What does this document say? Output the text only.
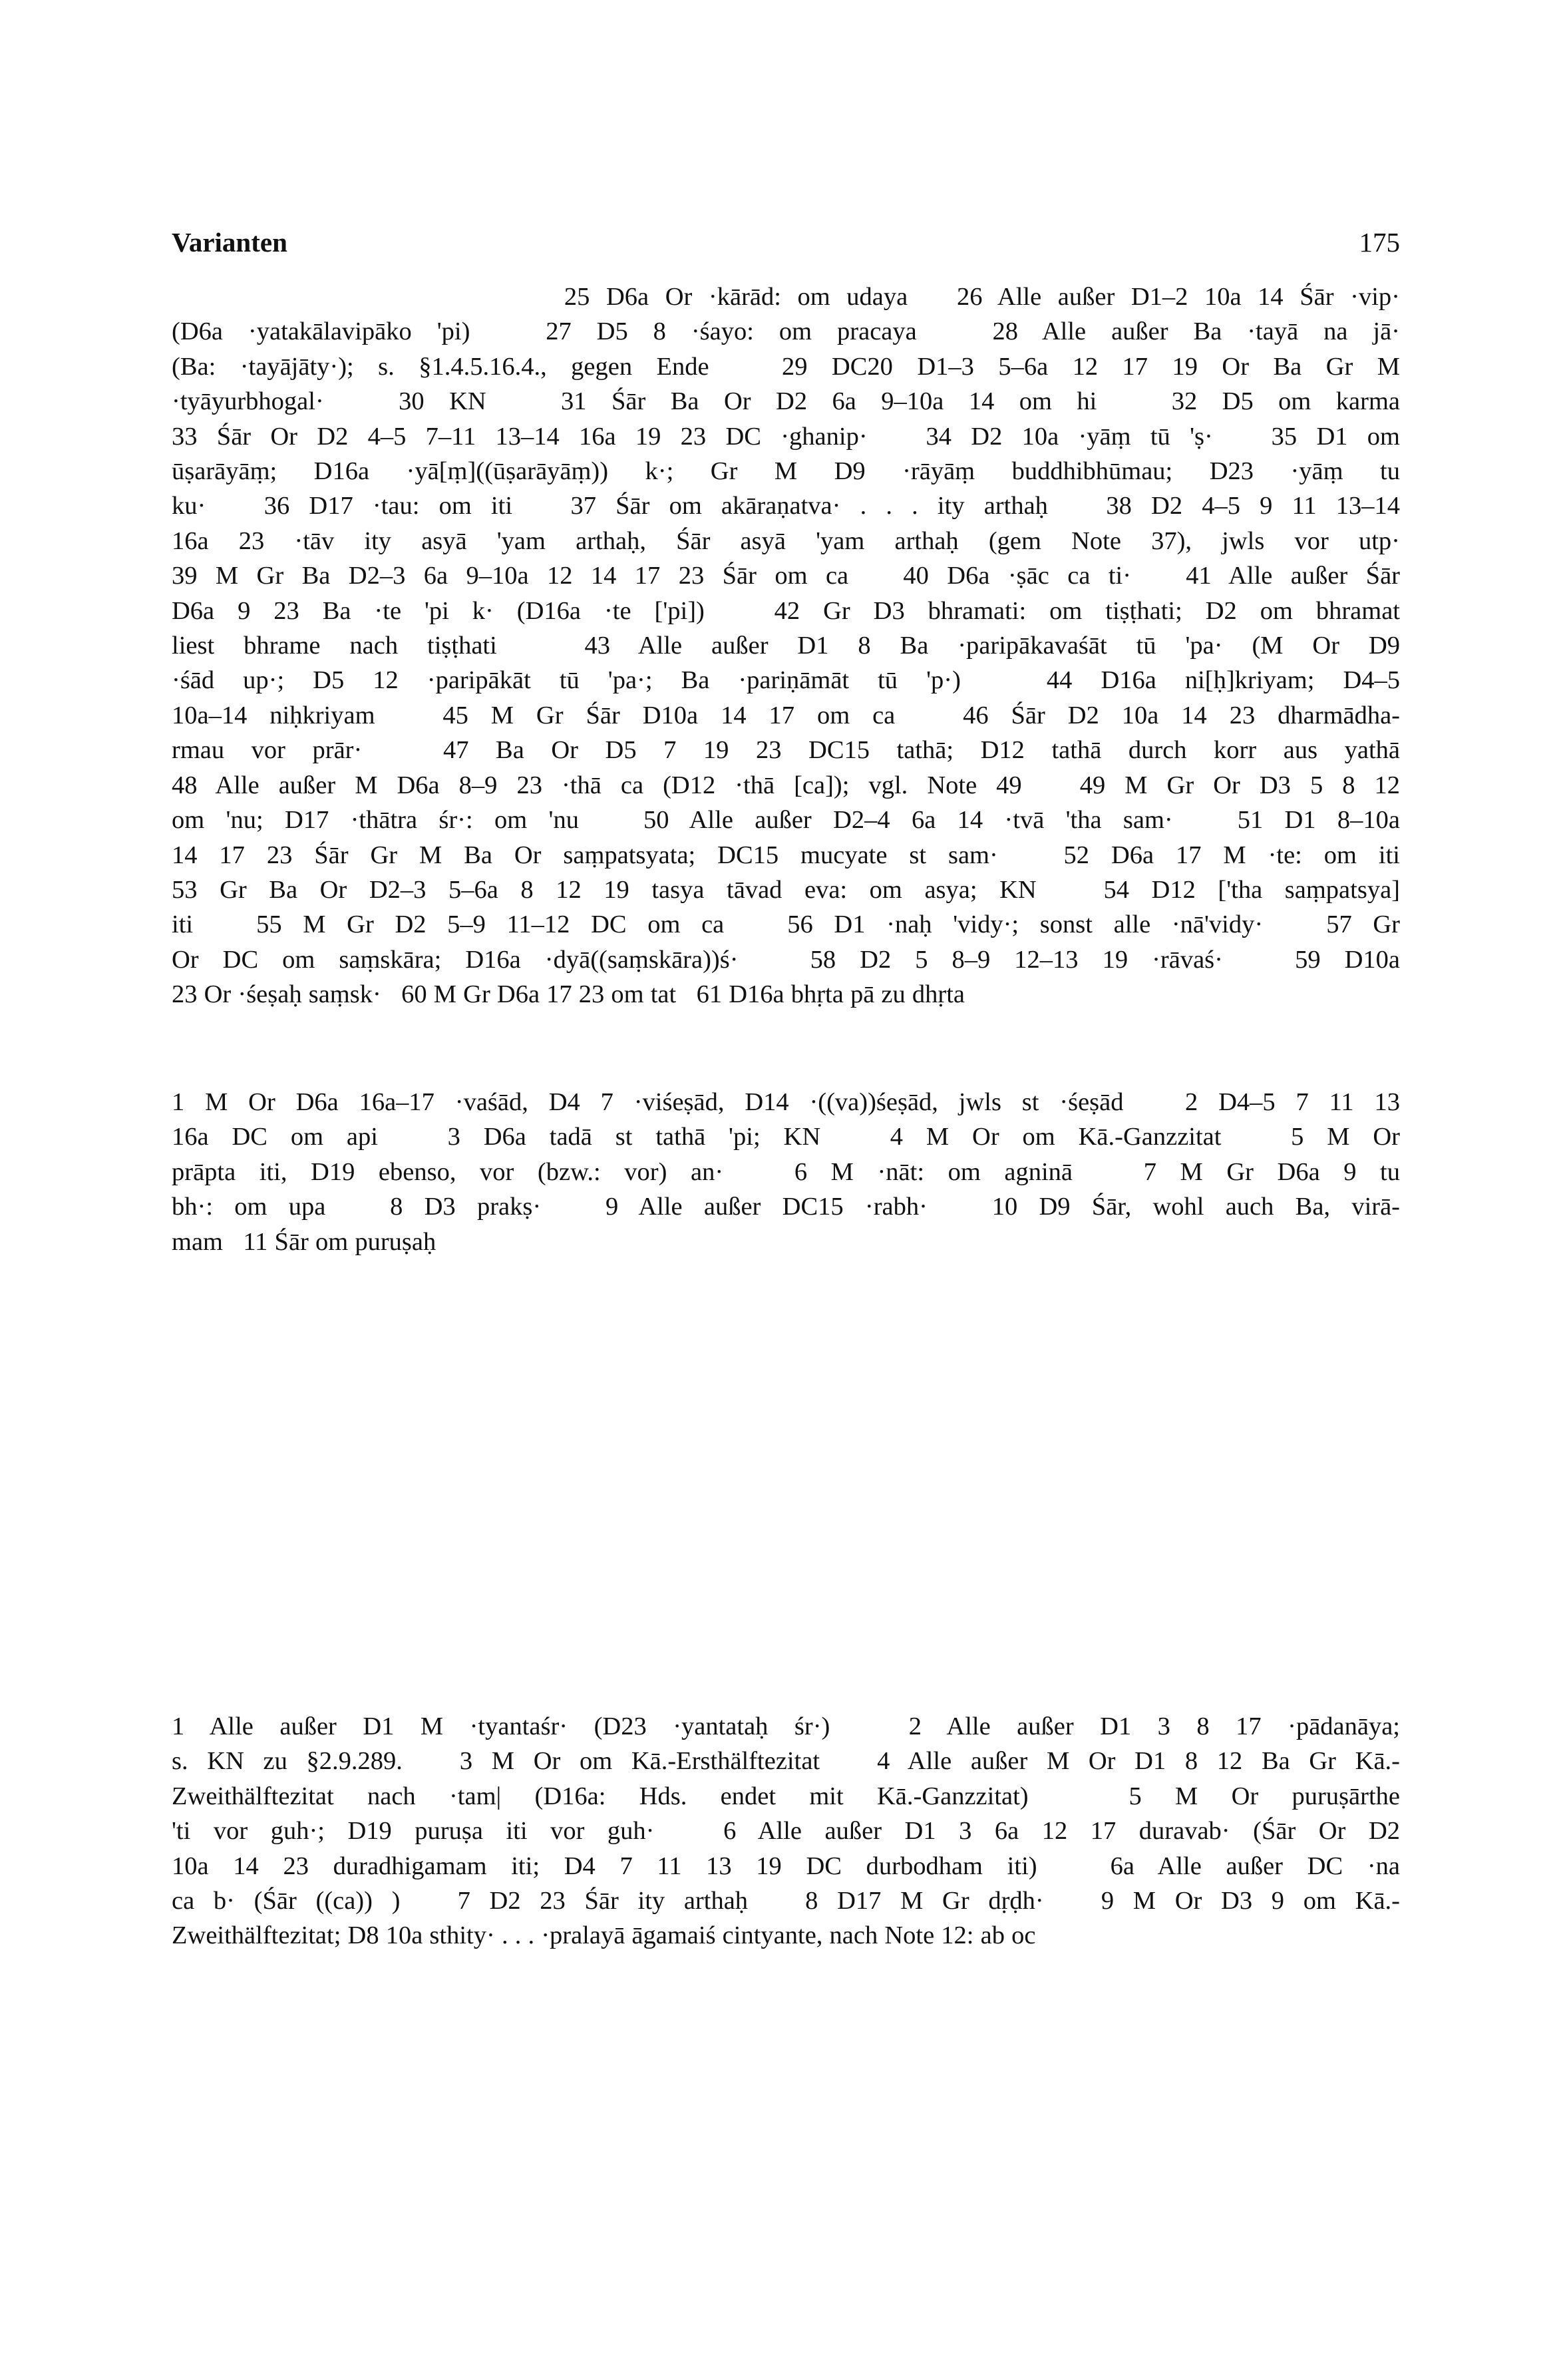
Varianten	175
25 D6a Or ·kārād: om udaya   26 Alle außer D1–2 10a 14 Śār ·vip·
(D6a ·yatakālavipāko 'pi)   27 D5 8 ·śayo: om pracaya   28 Alle außer Ba ·tayā na jā·
(Ba: ·tayājāty·); s. §1.4.5.16.4., gegen Ende   29 DC20 D1–3 5–6a 12 17 19 Or Ba Gr M
·tyāyurbhogal·   30 KN   31 Śār Ba Or D2 6a 9–10a 14 om hi   32 D5 om karma
33 Śār Or D2 4–5 7–11 13–14 16a 19 23 DC ·ghanip·   34 D2 10a ·yāṃ tū 'ṣ·   35 D1 om
ūṣarāyāṃ; D16a ·yā[ṃ]((ūṣarāyāṃ)) k·; Gr M D9 ·rāyāṃ buddhibhūmau; D23 ·yāṃ tu
ku·   36 D17 ·tau: om iti   37 Śār om akāraṇatva· . . . ity arthaḥ   38 D2 4–5 9 11 13–14
16a 23 ·tāv ity asyā 'yam arthaḥ, Śār asyā 'yam arthaḥ (gem Note 37), jwls vor utp·
39 M Gr Ba D2–3 6a 9–10a 12 14 17 23 Śār om ca   40 D6a ·ṣāc ca ti·   41 Alle außer Śār
D6a 9 23 Ba ·te 'pi k· (D16a ·te ['pi])   42 Gr D3 bhramati: om tiṣṭhati; D2 om bhramat
liest bhrame nach tiṣṭhati   43 Alle außer D1 8 Ba ·paripākavaśāt tū 'pa· (M Or D9
·śād up·; D5 12 ·paripākāt tū 'pa·; Ba ·pariṇāmāt tū 'p·)   44 D16a ni[ḥ]kriyam; D4–5
10a–14 niḥkriyam   45 M Gr Śār D10a 14 17 om ca   46 Śār D2 10a 14 23 dharmādha-
rmau vor prār·   47 Ba Or D5 7 19 23 DC15 tathā; D12 tathā durch korr aus yathā
48 Alle außer M D6a 8–9 23 ·thā ca (D12 ·thā [ca]); vgl. Note 49   49 M Gr Or D3 5 8 12
om 'nu; D17 ·thātra śr·: om 'nu   50 Alle außer D2–4 6a 14 ·tvā 'tha sam·   51 D1 8–10a
14 17 23 Śār Gr M Ba Or saṃpatsyata; DC15 mucyate st sam·   52 D6a 17 M ·te: om iti
53 Gr Ba Or D2–3 5–6a 8 12 19 tasya tāvad eva: om asya; KN   54 D12 ['tha saṃpatsya]
iti   55 M Gr D2 5–9 11–12 DC om ca   56 D1 ·naḥ 'vidy·; sonst alle ·nā'vidy·   57 Gr
Or DC om saṃskāra; D16a ·dyā((saṃskāra))ś·   58 D2 5 8–9 12–13 19 ·rāvaś·   59 D10a
23 Or ·śeṣaḥ saṃsk·   60 M Gr D6a 17 23 om tat   61 D16a bhṛta pā zu dhṛta
1 M Or D6a 16a–17 ·vaśād, D4 7 ·viśeṣād, D14 ·((va))śeṣād, jwls st ·śeṣād   2 D4–5 7 11 13
16a DC om api   3 D6a tadā st tathā 'pi; KN   4 M Or om Kā.-Ganzzitat   5 M Or
prāpta iti, D19 ebenso, vor (bzw.: vor) an·   6 M ·nāt: om agninā   7 M Gr D6a 9 tu
bh·: om upa   8 D3 prakṣ·   9 Alle außer DC15 ·rabh·   10 D9 Śār, wohl auch Ba, virā-
mam   11 Śār om puruṣaḥ
1 Alle außer D1 M ·tyantaśr· (D23 ·yantataḥ śr·)   2 Alle außer D1 3 8 17 ·pādanāya;
s. KN zu §2.9.289.   3 M Or om Kā.-Ersthälftezitat   4 Alle außer M Or D1 8 12 Ba Gr Kā.-
Zweithälftezitat nach ·tam| (D16a: Hds. endet mit Kā.-Ganzzitat)   5 M Or puruṣārthe
'ti vor guh·; D19 puruṣa iti vor guh·   6 Alle außer D1 3 6a 12 17 duravab· (Śār Or D2
10a 14 23 duradhigamam iti; D4 7 11 13 19 DC durbodham iti)   6a Alle außer DC ·na
ca b· (Śār ((ca)) )   7 D2 23 Śār ity arthaḥ   8 D17 M Gr dṛḍh·   9 M Or D3 9 om Kā.-
Zweithälftezitat; D8 10a sthity· . . . ·pralayā āgamaiś cintyante, nach Note 12: ab oc
